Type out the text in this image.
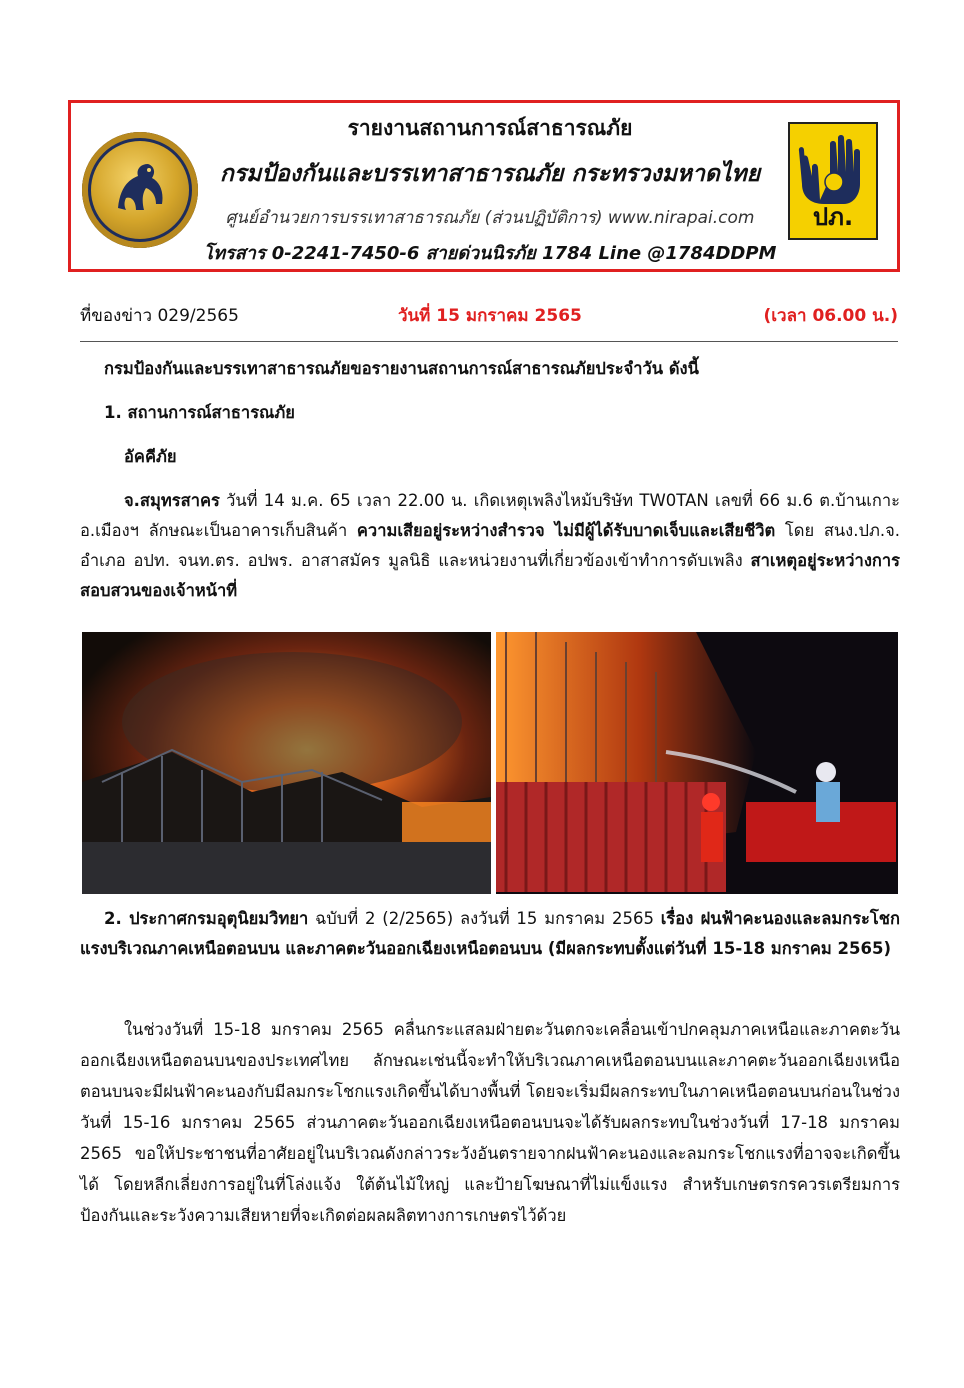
รายงานสถานการณ์สาธารณภัย
กรมป้องกันและบรรเทาสาธารณภัย กระทรวงมหาดไทย
ศูนย์อำนวยการบรรเทาสาธารณภัย (ส่วนปฏิบัติการ) www.nirapai.com
โทรสาร 0-2241-7450-6 สายด่วนนิรภัย 1784 Line @1784DDPM
ปภ.
ที่ของข่าว 029/2565	วันที่ 15 มกราคม 2565	(เวลา 06.00 น.)
กรมป้องกันและบรรเทาสาธารณภัยขอรายงานสถานการณ์สาธารณภัยประจำวัน ดังนี้
1. สถานการณ์สาธารณภัย
อัคคีภัย
จ.สมุทรสาคร วันที่ 14 ม.ค. 65 เวลา 22.00 น. เกิดเหตุเพลิงไหม้บริษัท TW0TAN เลขที่ 66 ม.6 ต.บ้านเกาะ อ.เมืองฯ ลักษณะเป็นอาคารเก็บสินค้า ความเสียอยู่ระหว่างสำรวจ ไม่มีผู้ได้รับบาดเจ็บและเสียชีวิต โดย สนง.ปภ.จ. อำเภอ อปท. จนท.ตร. อปพร. อาสาสมัคร มูลนิธิ และหน่วยงานที่เกี่ยวข้องเข้าทำการดับเพลิง สาเหตุอยู่ระหว่างการสอบสวนของเจ้าหน้าที่
2. ประกาศกรมอุตุนิยมวิทยา ฉบับที่ 2 (2/2565) ลงวันที่ 15 มกราคม 2565 เรื่อง ฝนฟ้าคะนองและลมกระโชกแรงบริเวณภาคเหนือตอนบน และภาคตะวันออกเฉียงเหนือตอนบน (มีผลกระทบตั้งแต่วันที่ 15-18 มกราคม 2565)
ในช่วงวันที่ 15-18 มกราคม 2565 คลื่นกระแสลมฝ่ายตะวันตกจะเคลื่อนเข้าปกคลุมภาคเหนือและภาคตะวันออกเฉียงเหนือตอนบนของประเทศไทย ลักษณะเช่นนี้จะทำให้บริเวณภาคเหนือตอนบนและภาคตะวันออกเฉียงเหนือตอนบนจะมีฝนฟ้าคะนองกับมีลมกระโชกแรงเกิดขึ้นได้บางพื้นที่ โดยจะเริ่มมีผลกระทบในภาคเหนือตอนบนก่อนในช่วงวันที่ 15-16 มกราคม 2565 ส่วนภาคตะวันออกเฉียงเหนือตอนบนจะได้รับผลกระทบในช่วงวันที่ 17-18 มกราคม 2565 ขอให้ประชาชนที่อาศัยอยู่ในบริเวณดังกล่าวระวังอันตรายจากฝนฟ้าคะนองและลมกระโชกแรงที่อาจจะเกิดขึ้นได้ โดยหลีกเลี่ยงการอยู่ในที่โล่งแจ้ง ใต้ต้นไม้ใหญ่ และป้ายโฆษณาที่ไม่แข็งแรง สำหรับเกษตรกรควรเตรียมการป้องกันและระวังความเสียหายที่จะเกิดต่อผลผลิตทางการเกษตรไว้ด้วย
